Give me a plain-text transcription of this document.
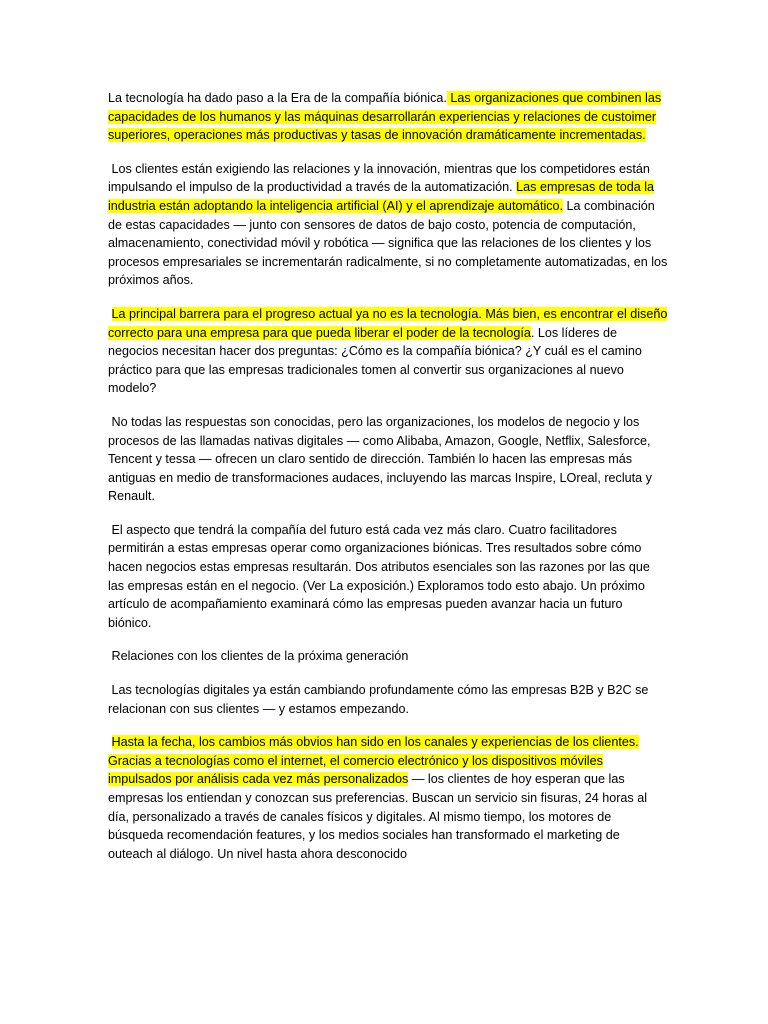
La tecnología ha dado paso a la Era de la compañía biónica. Las organizaciones que combinen las capacidades de los humanos y las máquinas desarrollarán experiencias y relaciones de custoimer superiores, operaciones más productivas y tasas de innovación dramáticamente incrementadas.

Los clientes están exigiendo las relaciones y la innovación, mientras que los competidores están impulsando el impulso de la productividad a través de la automatización. Las empresas de toda la industria están adoptando la inteligencia artificial (AI) y el aprendizaje automático. La combinación de estas capacidades — junto con sensores de datos de bajo costo, potencia de computación, almacenamiento, conectividad móvil y robótica — significa que las relaciones de los clientes y los procesos empresariales se incrementarán radicalmente, si no completamente automatizadas, en los próximos años.

La principal barrera para el progreso actual ya no es la tecnología. Más bien, es encontrar el diseño correcto para una empresa para que pueda liberar el poder de la tecnología. Los líderes de negocios necesitan hacer dos preguntas: ¿Cómo es la compañía biónica? ¿Y cuál es el camino práctico para que las empresas tradicionales tomen al convertir sus organizaciones al nuevo modelo?

No todas las respuestas son conocidas, pero las organizaciones, los modelos de negocio y los procesos de las llamadas nativas digitales — como Alibaba, Amazon, Google, Netflix, Salesforce, Tencent y tessa — ofrecen un claro sentido de dirección. También lo hacen las empresas más antiguas en medio de transformaciones audaces, incluyendo las marcas Inspire, LOreal, recluta y Renault.

El aspecto que tendrá la compañía del futuro está cada vez más claro. Cuatro facilitadores permitirán a estas empresas operar como organizaciones biónicas. Tres resultados sobre cómo hacen negocios estas empresas resultarán. Dos atributos esenciales son las razones por las que las empresas están en el negocio. (Ver La exposición.) Exploramos todo esto abajo. Un próximo artículo de acompañamiento examinará cómo las empresas pueden avanzar hacia un futuro biónico.

Relaciones con los clientes de la próxima generación

Las tecnologías digitales ya están cambiando profundamente cómo las empresas B2B y B2C se relacionan con sus clientes — y estamos empezando.

Hasta la fecha, los cambios más obvios han sido en los canales y experiencias de los clientes. Gracias a tecnologías como el internet, el comercio electrónico y los dispositivos móviles impulsados por análisis cada vez más personalizados — los clientes de hoy esperan que las empresas los entiendan y conozcan sus preferencias. Buscan un servicio sin fisuras, 24 horas al día, personalizado a través de canales físicos y digitales. Al mismo tiempo, los motores de búsqueda recomendación features, y los medios sociales han transformado el marketing de outeach al diálogo. Un nivel hasta ahora desconocido
